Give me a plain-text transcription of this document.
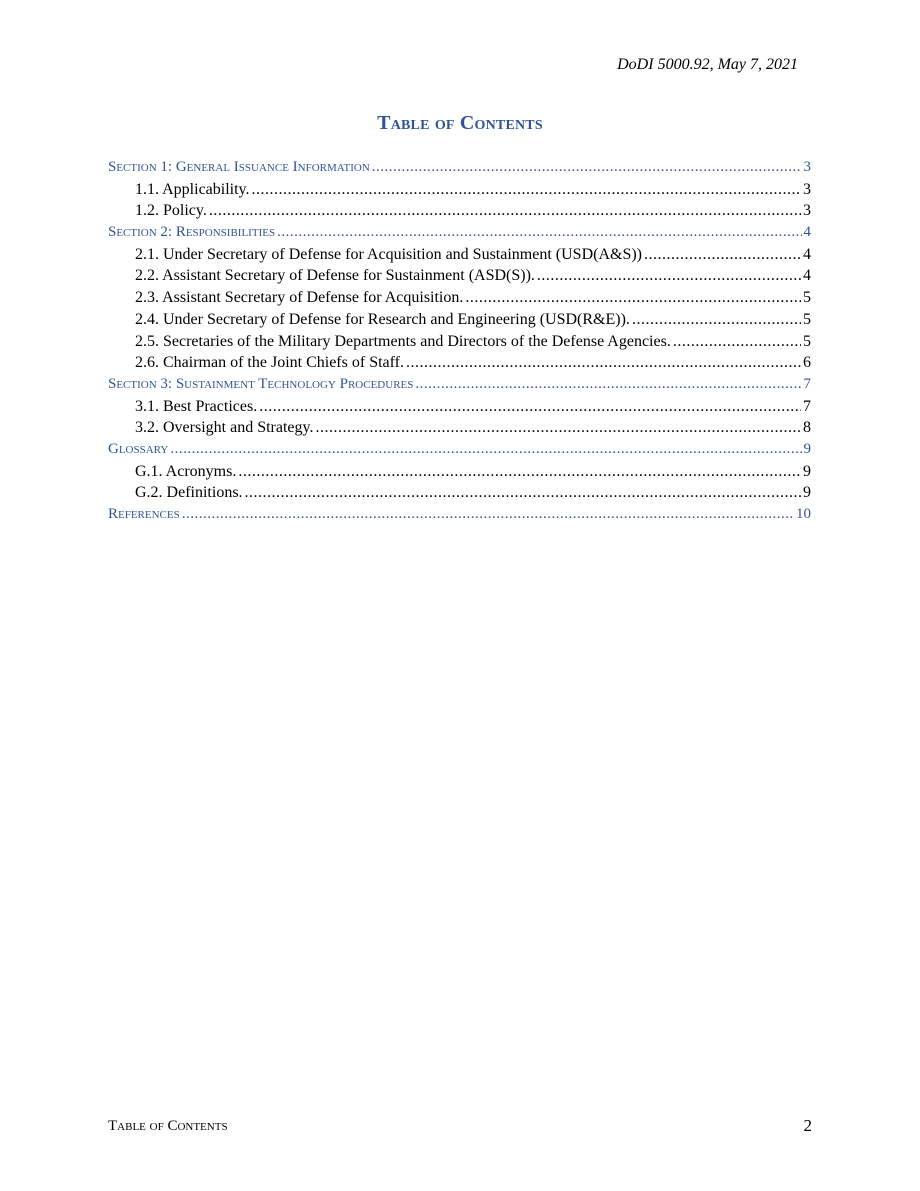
DoDI 5000.92, May 7, 2021
Table of Contents
Section 1: General Issuance Information .....	3
1.1. Applicability. .....	3
1.2. Policy. .....	3
Section 2: Responsibilities .....	4
2.1. Under Secretary of Defense for Acquisition and Sustainment (USD(A&S)) .....	4
2.2. Assistant Secretary of Defense for Sustainment (ASD(S)). .....	4
2.3. Assistant Secretary of Defense for Acquisition. .....	5
2.4. Under Secretary of Defense for Research and Engineering (USD(R&E)). .....	5
2.5. Secretaries of the Military Departments and Directors of the Defense Agencies. .....	5
2.6. Chairman of the Joint Chiefs of Staff. .....	6
Section 3: Sustainment Technology Procedures .....	7
3.1. Best Practices. .....	7
3.2. Oversight and Strategy. .....	8
Glossary .....	9
G.1. Acronyms. .....	9
G.2. Definitions. .....	9
References .....	10
Table of Contents	2
